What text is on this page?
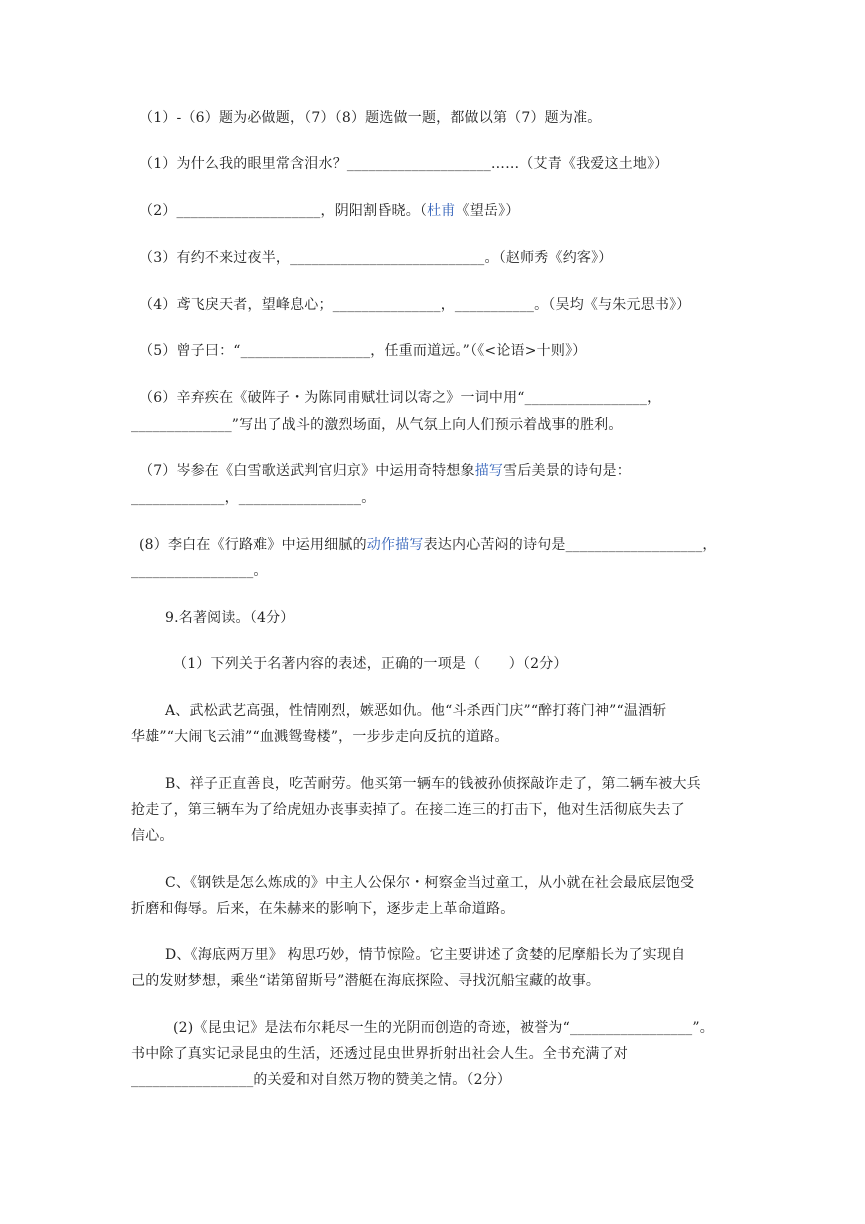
（1）-（6）题为必做题，（7）（8）题选做一题，都做以第（7）题为准。
（1）为什么我的眼里常含泪水？____________________……（艾青《我爱这土地》）
（2）____________________，阴阳割昏晓。（杜甫《望岳》）
（3）有约不来过夜半，___________________________。（赵师秀《约客》）
（4）鸢飞戾天者，望峰息心；_______________，___________。（吴均《与朱元思书》）
（5）曾子曰：“__________________，任重而道远。”（《<论语>十则》）
（6）辛弃疾在《破阵子・为陈同甫赋壮词以寄之》一词中用“_________________，
______________”写出了战斗的激烈场面，从气氛上向人们预示着战事的胜利。
（7）岑参在《白雪歌送武判官归京》中运用奇特想象描写雪后美景的诗句是：
_____________，_________________。
(8）李白在《行路难》中运用细腻的动作描写表达内心苦闷的诗句是___________________，
_________________。
9.名著阅读。（4分）
（1）下列关于名著内容的表述，正确的一项是（　　）（2分）
A、武松武艺高强，性情刚烈，嫉恶如仇。他“斗杀西门庆”“醉打蒋门神”“温酒斩
华雄”“大闹飞云浦”“血溅鸳鸯楼”，一步步走向反抗的道路。
B、祥子正直善良，吃苦耐劳。他买第一辆车的钱被孙侦探敲诈走了，第二辆车被大兵
抢走了，第三辆车为了给虎妞办丧事卖掉了。在接二连三的打击下，他对生活彻底失去了
信心。
C、《钢铁是怎么炼成的》中主人公保尔・柯察金当过童工，从小就在社会最底层饱受
折磨和侮辱。后来，在朱赫来的影响下，逐步走上革命道路。
D、《海底两万里》 构思巧妙，情节惊险。它主要讲述了贪婪的尼摩船长为了实现自
己的发财梦想，乘坐“诺第留斯号”潜艇在海底探险、寻找沉船宝藏的故事。
(2)《昆虫记》是法布尔耗尽一生的光阴而创造的奇迹，被誉为“_________________”。
书中除了真实记录昆虫的生活，还透过昆虫世界折射出社会人生。全书充满了对
_________________的关爱和对自然万物的赞美之情。（2分）
